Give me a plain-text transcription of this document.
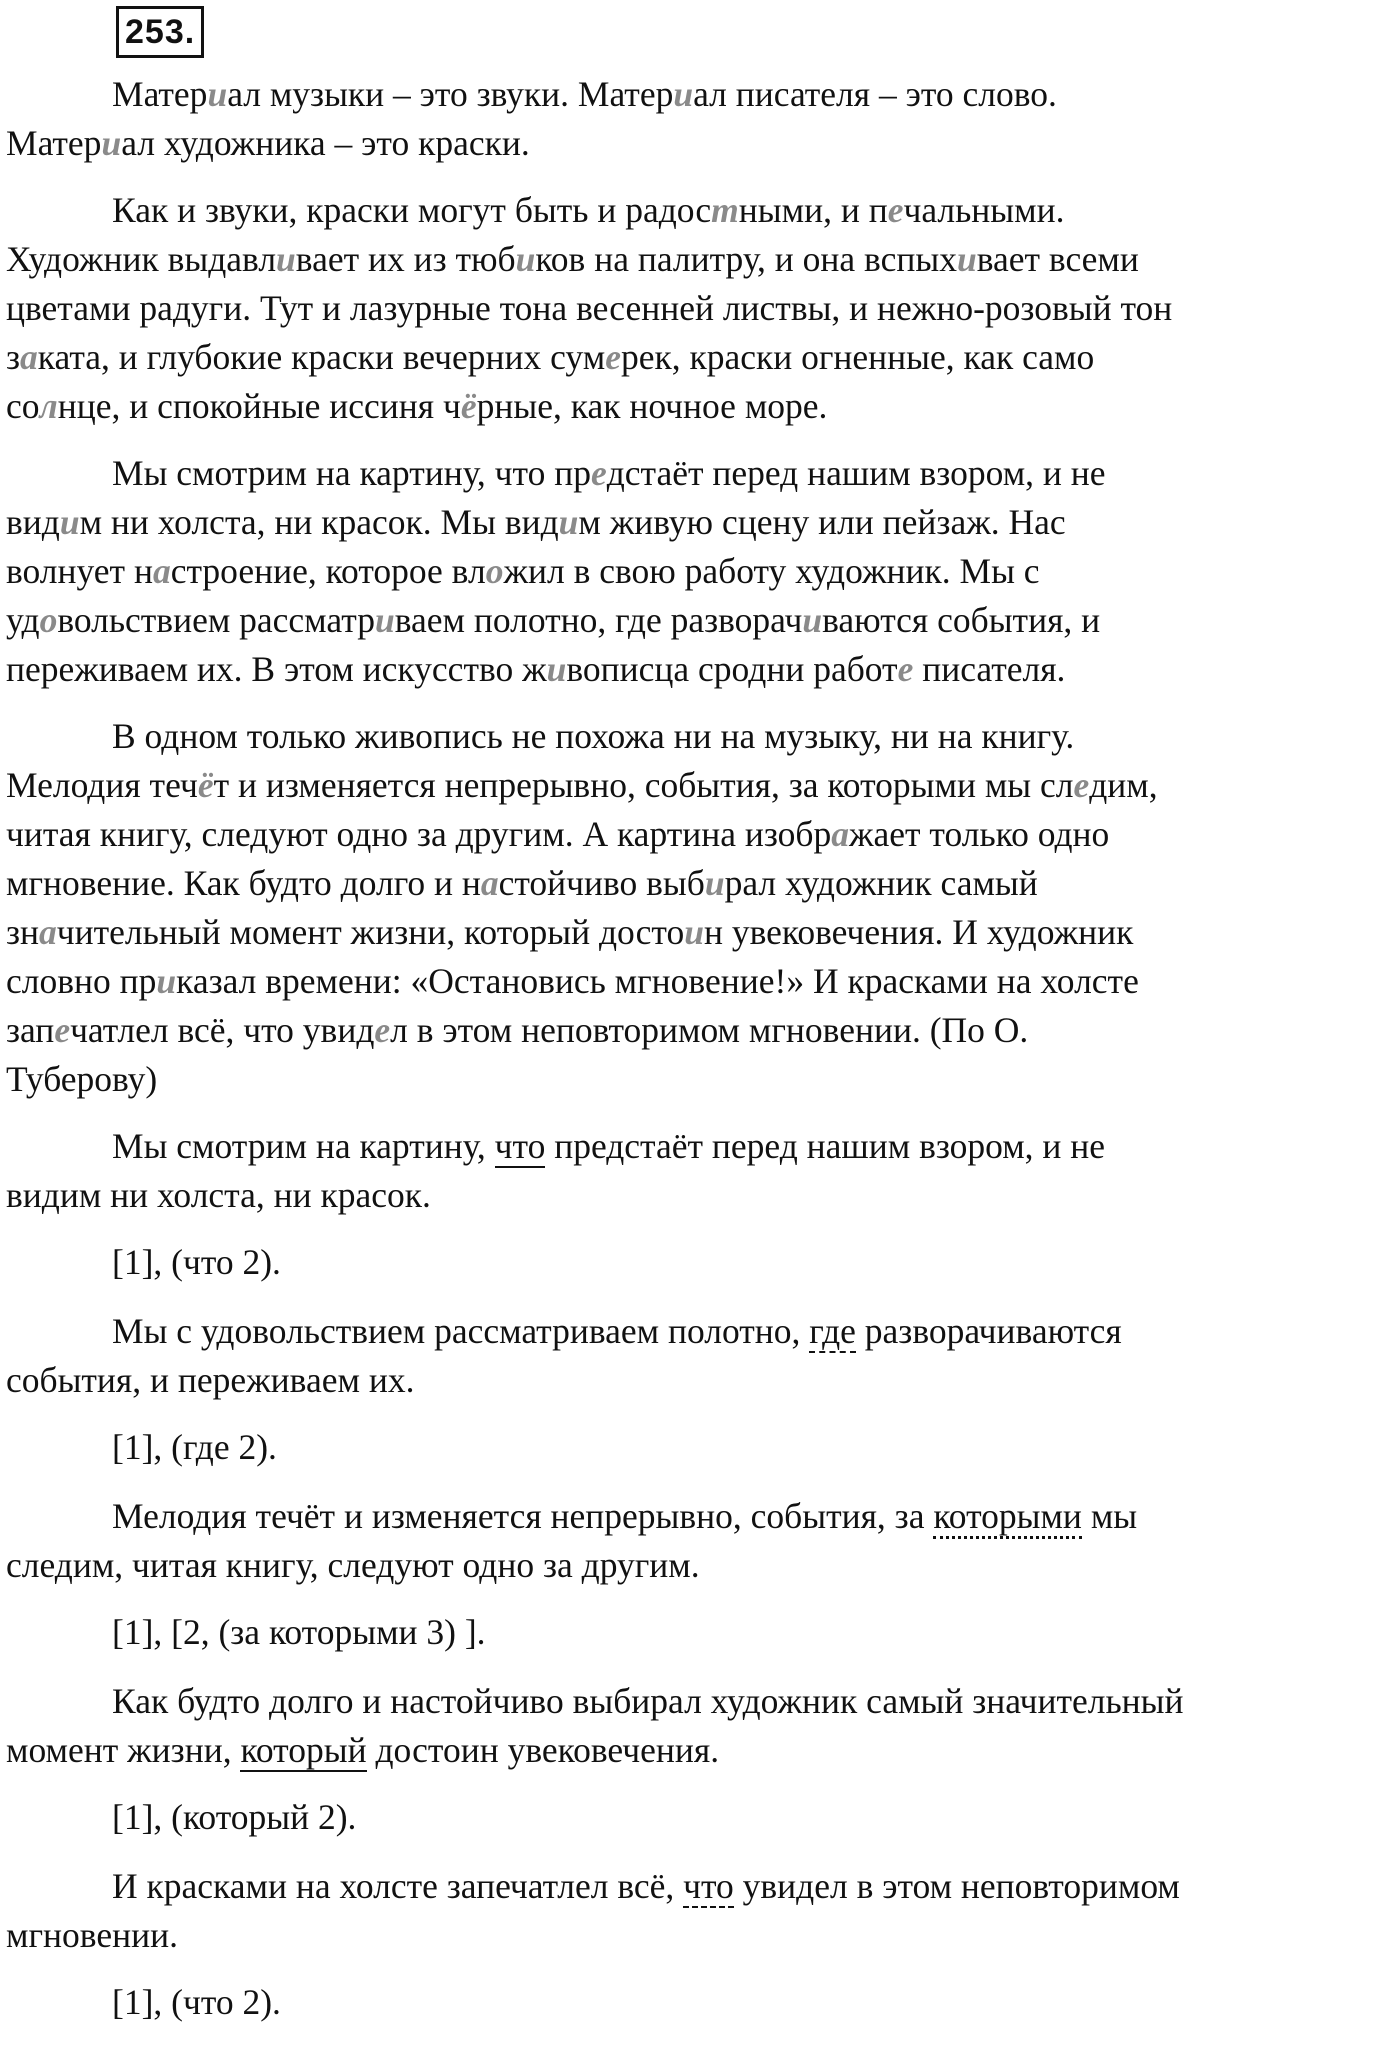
253.

Материал музыки – это звуки. Материал писателя – это слово.
Материал художника – это краски.

Как и звуки, краски могут быть и радостными, и печальными.
Художник выдавливает их из тюбиков на палитру, и она вспыхивает всеми
цветами радуги. Тут и лазурные тона весенней листвы, и нежно-розовый тон
заката, и глубокие краски вечерних сумерек, краски огненные, как само
солнце, и спокойные иссиня чёрные, как ночное море.

Мы смотрим на картину, что предстаёт перед нашим взором, и не
видим ни холста, ни красок. Мы видим живую сцену или пейзаж. Нас
волнует настроение, которое вложил в свою работу художник. Мы с
удовольствием рассматриваем полотно, где разворачиваются события, и
переживаем их. В этом искусство живописца сродни работе писателя.

В одном только живопись не похожа ни на музыку, ни на книгу.
Мелодия течёт и изменяется непрерывно, события, за которыми мы следим,
читая книгу, следуют одно за другим. А картина изображает только одно
мгновение. Как будто долго и настойчиво выбирал художник самый
значительный момент жизни, который достоин увековечения. И художник
словно приказал времени: «Остановись мгновение!» И красками на холсте
запечатлел всё, что увидел в этом неповторимом мгновении. (По О.
Туберову)

Мы смотрим на картину, что предстаёт перед нашим взором, и не
видим ни холста, ни красок.

[1], (что 2).

Мы с удовольствием рассматриваем полотно, где разворачиваются
события, и переживаем их.

[1], (где 2).

Мелодия течёт и изменяется непрерывно, события, за которыми мы
следим, читая книгу, следуют одно за другим.

[1], [2, (за которыми 3) ].

Как будто долго и настойчиво выбирал художник самый значительный
момент жизни, который достоин увековечения.

[1], (который 2).

И красками на холсте запечатлел всё, что увидел в этом неповторимом
мгновении.

[1], (что 2).
